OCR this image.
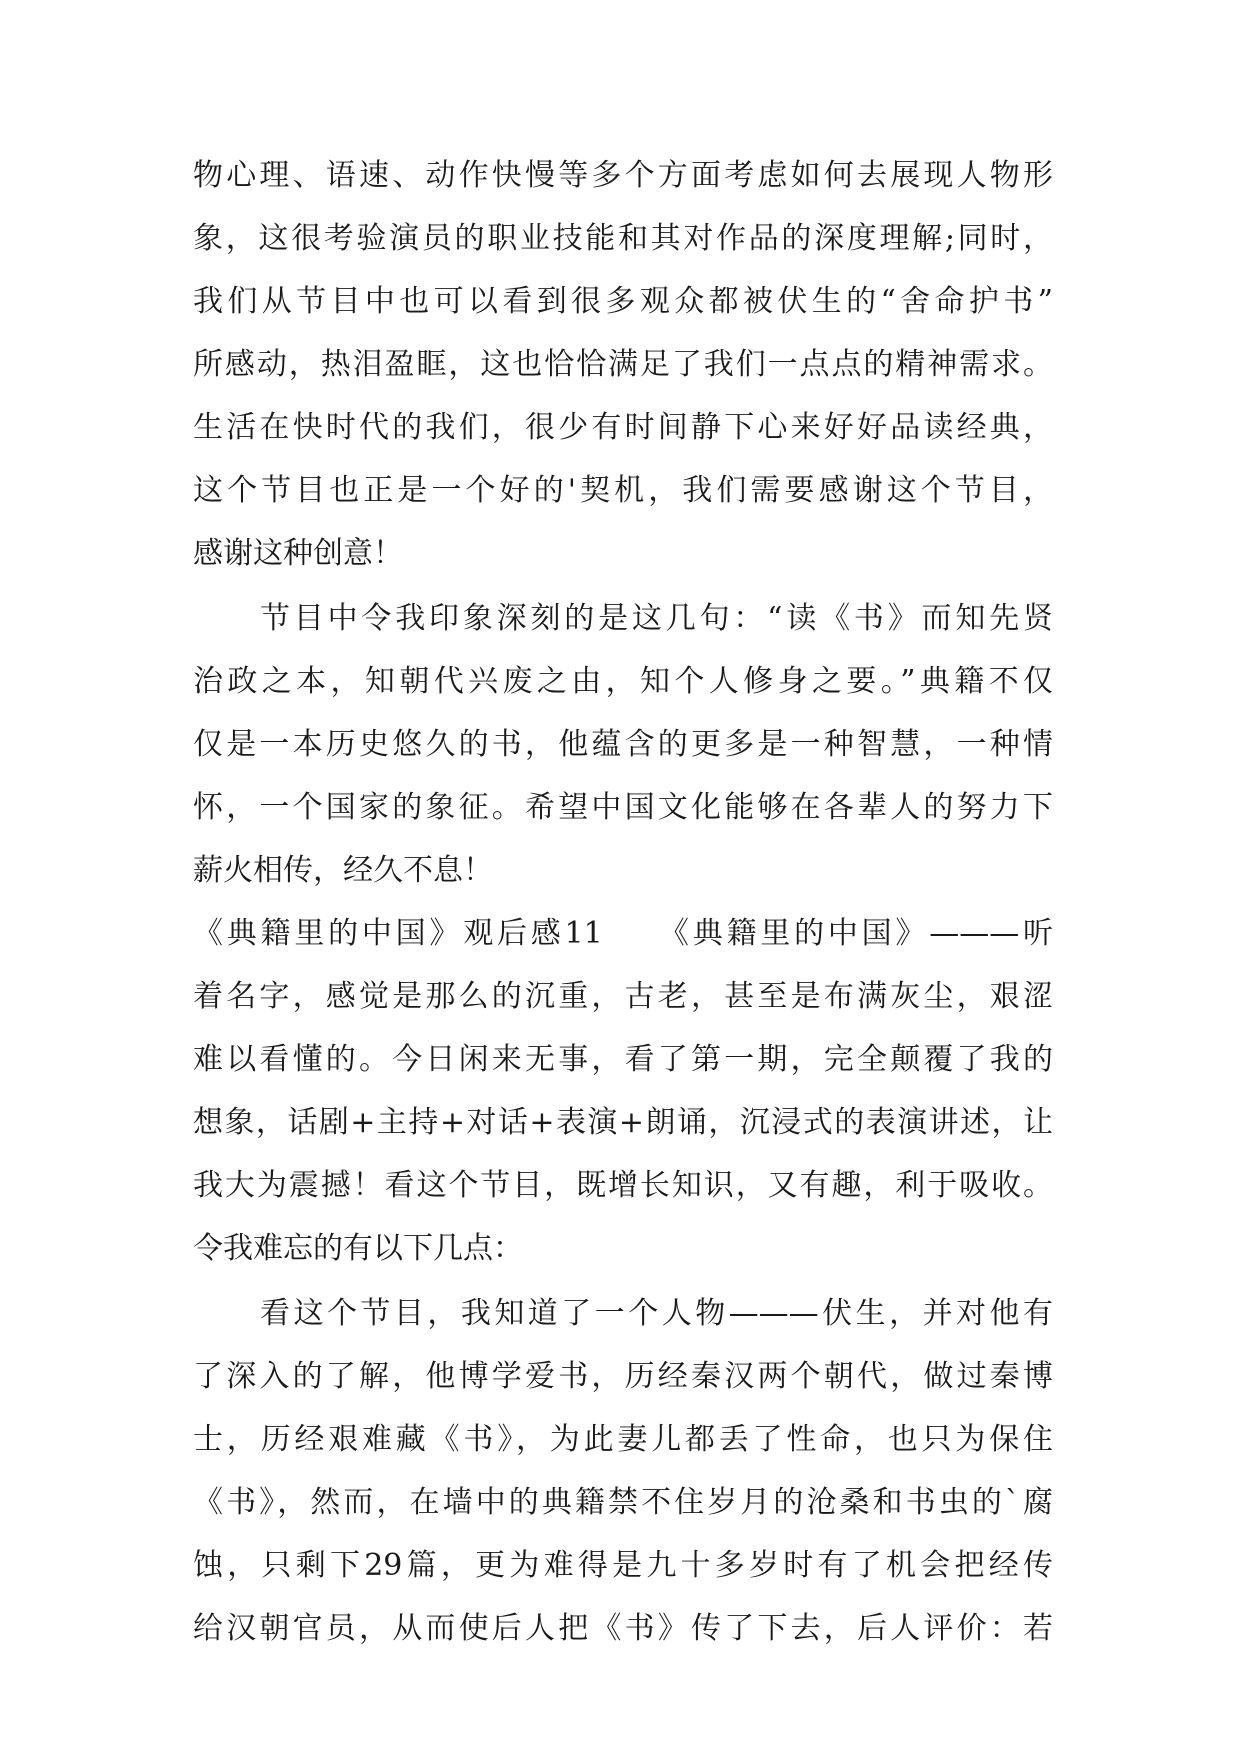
物心理、语速、动作快慢等多个方面考虑如何去展现人物形
象，这很考验演员的职业技能和其对作品的深度理解;同时，
我们从节目中也可以看到很多观众都被伏生的“舍命护书”
所感动，热泪盈眶，这也恰恰满足了我们一点点的精神需求。
生活在快时代的我们，很少有时间静下心来好好品读经典，
这个节目也正是一个好的'契机，我们需要感谢这个节目，
感谢这种创意！
节目中令我印象深刻的是这几句：“读《书》而知先贤
治政之本，知朝代兴废之由，知个人修身之要。”典籍不仅
仅是一本历史悠久的书，他蕴含的更多是一种智慧，一种情
怀，一个国家的象征。希望中国文化能够在各辈人的努力下
薪火相传，经久不息！
《典籍里的中国》观后感11　　《典籍里的中国》———听
着名字，感觉是那么的沉重，古老，甚至是布满灰尘，艰涩
难以看懂的。今日闲来无事，看了第一期，完全颠覆了我的
想象，话剧+主持+对话+表演+朗诵，沉浸式的表演讲述，让
我大为震撼！看这个节目，既增长知识，又有趣，利于吸收。
令我难忘的有以下几点：
看这个节目，我知道了一个人物———伏生，并对他有
了深入的了解，他博学爱书，历经秦汉两个朝代，做过秦博
士，历经艰难藏《书》，为此妻儿都丢了性命，也只为保住
《书》，然而，在墙中的典籍禁不住岁月的沧桑和书虫的`腐
蚀，只剩下29篇，更为难得是九十多岁时有了机会把经传
给汉朝官员，从而使后人把《书》传了下去，后人评价：若
